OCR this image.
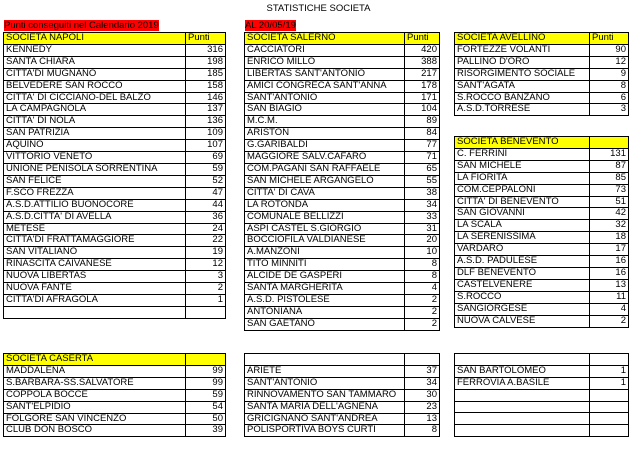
STATISTICHE SOCIETA
Punti conseguiti nel Calendario 2019	AL 20/05/19
SOCIETA NAPOLI	Punti
KENNEDY	316
SANTA CHIARA	198
CITTA'DI MUGNANO	185
BELVEDERE SAN ROCCO	158
CITTA' DI CICCIANO-DEL BALZO	146
LA CAMPAGNOLA	137
CITTA' DI NOLA	136
SAN PATRIZIA	109
AQUINO	107
VITTORIO VENETO	69
UNIONE PENISOLA SORRENTINA	59
SAN FELICE	52
F.SCO FREZZA	47
A.S.D.ATTILIO BUONOCORE	44
A.S.D.CITTA' DI AVELLA	36
METESE	24
CITTA'DI FRATTAMAGGIORE	22
SAN VITALIANO	19
RINASCITA CAIVANESE	12
NUOVA LIBERTAS	3
NUOVA FANTE	2
CITTA'DI AFRAGOLA	1

SOCIETA SALERNO	Punti
CACCIATORI	420
ENRICO MILLO	388
LIBERTAS SANT'ANTONIO	217
AMICI CONGRECA SANT'ANNA	178
SANT'ANTONIO	171
SAN BIAGIO	104
M.C.M.	89
ARISTON	84
G.GARIBALDI	77
MAGGIORE SALV.CAFARO	71
COM.PAGANI SAN RAFFAELE	65
SAN MICHELE ARGANGELO	55
CITTA' DI CAVA	38
LA ROTONDA	34
COMUNALE BELLIZZI	33
ASPI CASTEL S.GIORGIO	31
BOCCIOFILA VALDIANESE	20
A.MANZONI	10
TITO MINNITI	8
ALCIDE DE GASPERI	8
SANTA MARGHERITA	4
A.S.D. PISTOLESE	2
ANTONIANA	2
SAN GAETANO	2
SOCIETA AVELLINO	Punti
FORTEZZE VOLANTI	90
PALLINO D'ORO	12
RISORGIMENTO SOCIALE	9
SANT'AGATA	8
S.ROCCO BANZANO	6
A.S.D.TORRESE	3
SOCIETA BENEVENTO	
C. FERRINI	131
SAN MICHELE	87
LA FIORITA	85
COM.CEPPALONI	73
CITTA' DI BENEVENTO	51
SAN GIOVANNI	42
LA SCALA	32
LA SERENISSIMA	18
VARDARO	17
A.S.D. PADULESE	16
DLF BENEVENTO	16
CASTELVENERE	13
S.ROCCO	11
SANGIORGESE	4
NUOVA CALVESE	2
SOCIETA CASERTA	
MADDALENA	99
S.BARBARA-SS.SALVATORE	99
COPPOLA BOCCE	59
SANT'ELPIDIO	54
FOLGORE SAN VINCENZO	50
CLUB DON BOSCO	39

ARIETE	37
SANT'ANTONIO	34
RINNOVAMENTO SAN TAMMARO	30
SANTA MARIA DELL'AGNENA	23
GRICIGNANO SANT'ANDREA	13
POLISPORTIVA BOYS CURTI	8

SAN BARTOLOMEO	1
FERROVIA A.BASILE	1
